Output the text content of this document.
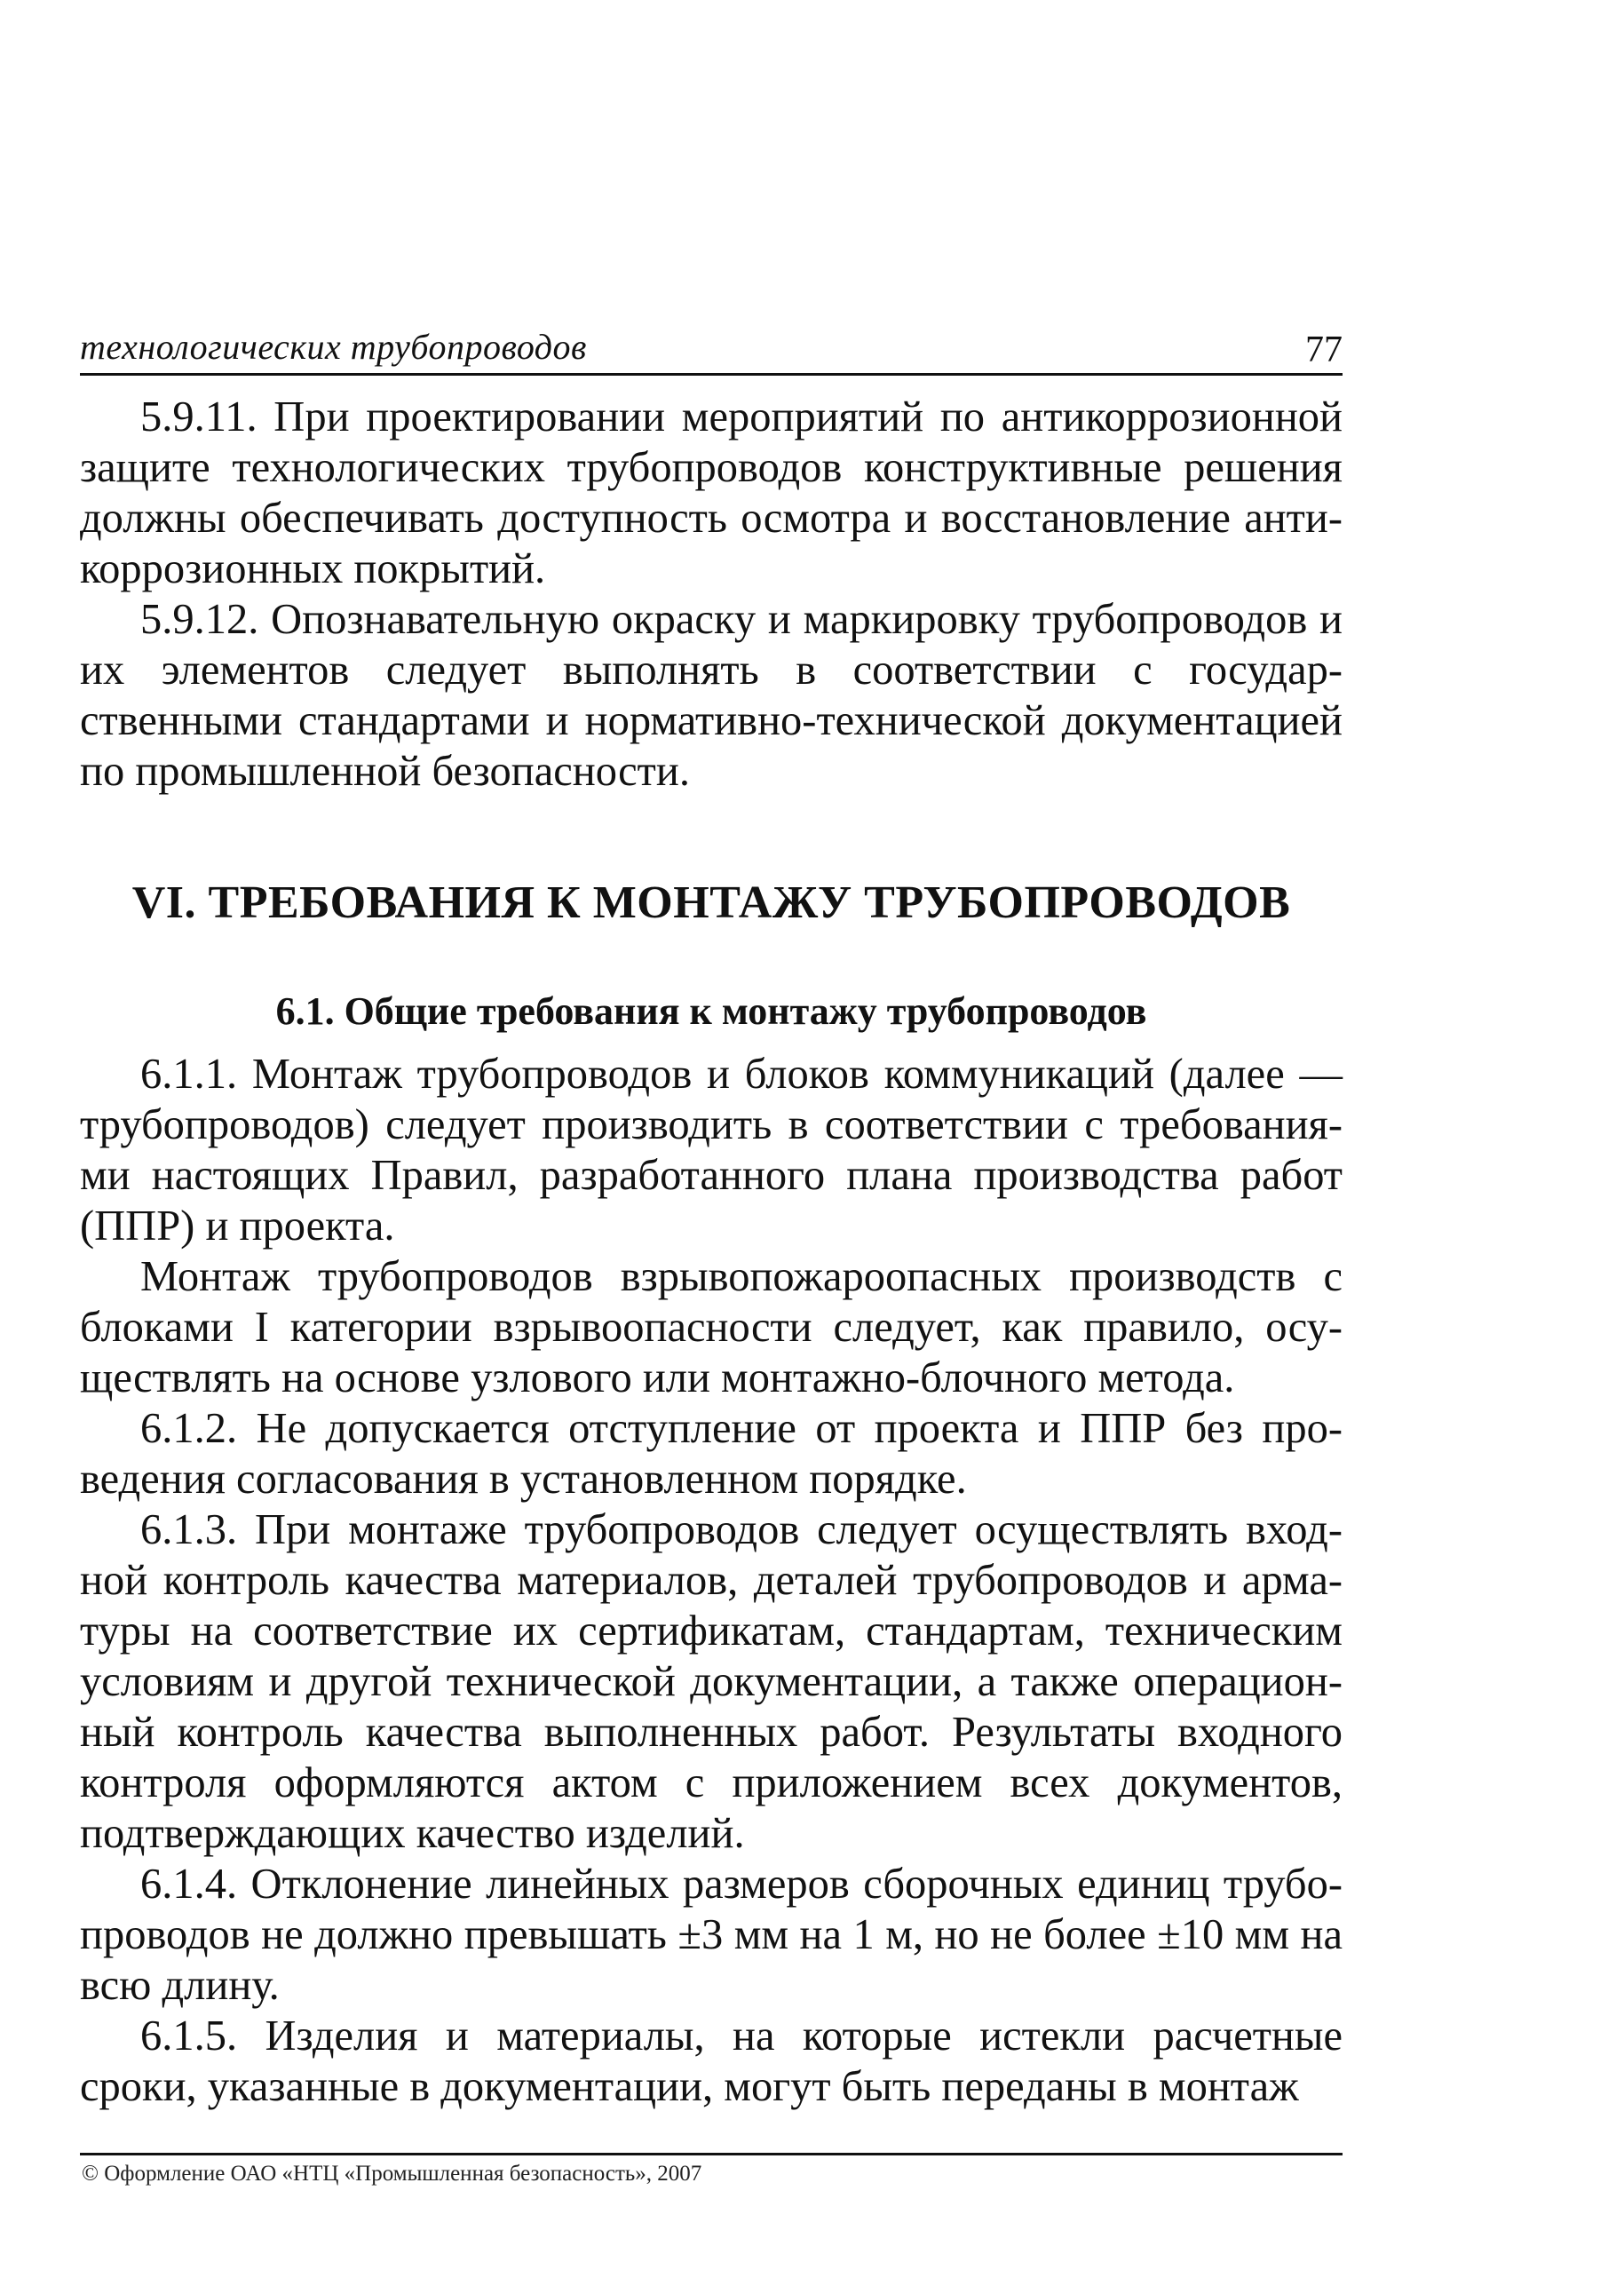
технологических трубопроводов	77

5.9.11. При проектировании мероприятий по антикоррозионной защите технологических трубопроводов конструктивные решения должны обеспечивать доступность осмотра и восстановление антикоррозионных покрытий.

5.9.12. Опознавательную окраску и маркировку трубопроводов и их элементов следует выполнять в соответствии с государственными стандартами и нормативно-технической документацией по промышленной безопасности.

VI. ТРЕБОВАНИЯ К МОНТАЖУ ТРУБОПРОВОДОВ
6.1. Общие требования к монтажу трубопроводов

6.1.1. Монтаж трубопроводов и блоков коммуникаций (далее — трубопроводов) следует производить в соответствии с требованиями настоящих Правил, разработанного плана производства работ (ППР) и проекта.

Монтаж трубопроводов взрывопожароопасных производств с блоками I категории взрывоопасности следует, как правило, осуществлять на основе узлового или монтажно-блочного метода.

6.1.2. Не допускается отступление от проекта и ППР без проведения согласования в установленном порядке.

6.1.3. При монтаже трубопроводов следует осуществлять входной контроль качества материалов, деталей трубопроводов и арматуры на соответствие их сертификатам, стандартам, техническим условиям и другой технической документации, а также операционный контроль качества выполненных работ. Результаты входного контроля оформляются актом с приложением всех документов, подтверждающих качество изделий.

6.1.4. Отклонение линейных размеров сборочных единиц трубопроводов не должно превышать ±3 мм на 1 м, но не более ±10 мм на всю длину.

6.1.5. Изделия и материалы, на которые истекли расчетные сроки, указанные в документации, могут быть переданы в монтаж

© Оформление ОАО «НТЦ «Промышленная безопасность», 2007
